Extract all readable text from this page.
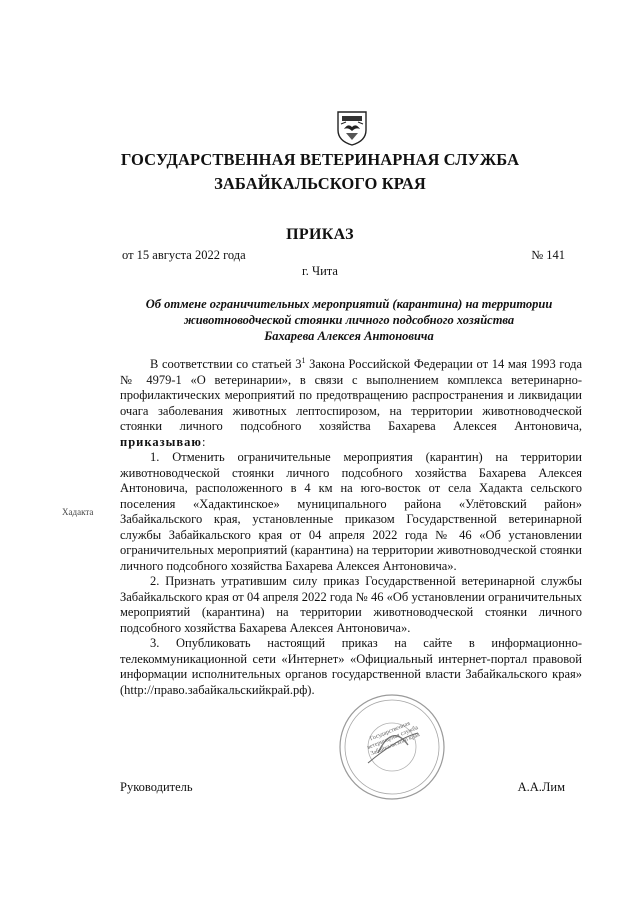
ГОСУДАРСТВЕННАЯ ВЕТЕРИНАРНАЯ СЛУЖБА
ЗАБАЙКАЛЬСКОГО КРАЯ
ПРИКАЗ
от 15 августа 2022 года	№ 141
г. Чита
Об отмене ограничительных мероприятий (карантина) на территории
животноводческой стоянки личного подсобного хозяйства
Бахарева Алексея Антоновича

В соответствии со статьей $3^1$ Закона Российской Федерации от 14 мая 1993 года № 4979-1 «О ветеринарии», в связи с выполнением комплекса ветеринарно-профилактических мероприятий по предотвращению распространения и ликвидации очага заболевания животных лептоспирозом, на территории животноводческой стоянки личного подсобного хозяйства Бахарева Алексея Антоновича, приказываю:

1. Отменить ограничительные мероприятия (карантин) на территории животноводческой стоянки личного подсобного хозяйства Бахарева Алексея Антоновича, расположенного в 4 км на юго-восток от села Хадакта сельского поселения «Хадактинское» муниципального района «Улётовский район» Забайкальского края, установленные приказом Государственной ветеринарной службы Забайкальского края от 04 апреля 2022 года № 46 «Об установлении ограничительных мероприятий (карантина) на территории животноводческой стоянки личного подсобного хозяйства Бахарева Алексея Антоновича».

2. Признать утратившим силу приказ Государственной ветеринарной службы Забайкальского края от 04 апреля 2022 года № 46 «Об установлении ограничительных мероприятий (карантина) на территории животноводческой стоянки личного подсобного хозяйства Бахарева Алексея Антоновича».

3. Опубликовать настоящий приказ на сайте в информационно-телекоммуникационной сети «Интернет» «Официальный интернет-портал правовой информации исполнительных органов государственной власти Забайкальского края» (http://право.забайкальскийкрай.рф).

Хадакта
Государственная ветеринарная служба Забайкальского края
Руководитель	А.А.Лим
